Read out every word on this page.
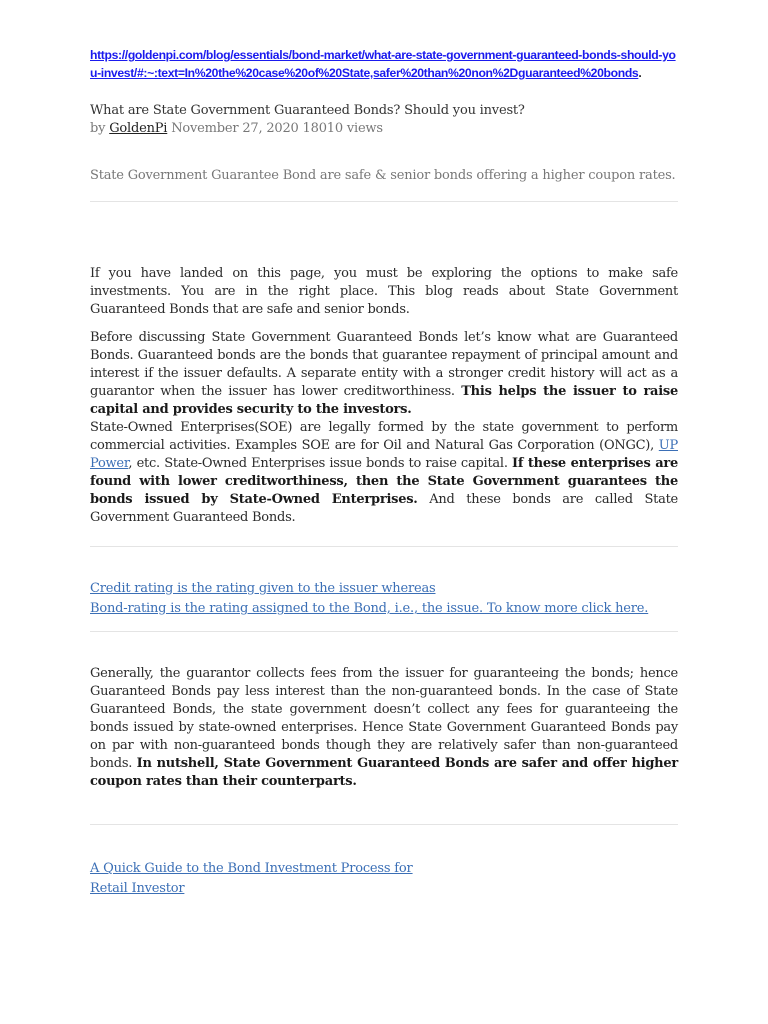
https://goldenpi.com/blog/essentials/bond-market/what-are-state-government-guaranteed-bonds-should-you-invest/#:~:text=In%20the%20case%20of%20State,safer%20than%20non%2Dguaranteed%20bonds.
What are State Government Guaranteed Bonds? Should you invest?
by GoldenPi November 27, 2020 18010 views
State Government Guarantee Bond are safe & senior bonds offering a higher coupon rates.

If you have landed on this page, you must be exploring the options to make safe investments. You are in the right place. This blog reads about State Government Guaranteed Bonds that are safe and senior bonds.

Before discussing State Government Guaranteed Bonds let’s know what are Guaranteed Bonds. Guaranteed bonds are the bonds that guarantee repayment of principal amount and interest if the issuer defaults. A separate entity with a stronger credit history will act as a guarantor when the issuer has lower creditworthiness. This helps the issuer to raise capital and provides security to the investors.

State-Owned Enterprises(SOE) are legally formed by the state government to perform commercial activities. Examples SOE are for Oil and Natural Gas Corporation (ONGC), UP Power, etc. State-Owned Enterprises issue bonds to raise capital. If these enterprises are found with lower creditworthiness, then the State Government guarantees the bonds issued by State-Owned Enterprises. And these bonds are called State Government Guaranteed Bonds.

Credit rating is the rating given to the issuer whereas
Bond-rating is the rating assigned to the Bond, i.e., the issue. To know more click here.

Generally, the guarantor collects fees from the issuer for guaranteeing the bonds; hence Guaranteed Bonds pay less interest than the non-guaranteed bonds. In the case of State Guaranteed Bonds, the state government doesn’t collect any fees for guaranteeing the bonds issued by state-owned enterprises. Hence State Government Guaranteed Bonds pay on par with non-guaranteed bonds though they are relatively safer than non-guaranteed bonds. In nutshell, State Government Guaranteed Bonds are safer and offer higher coupon rates than their counterparts.

A Quick Guide to the Bond Investment Process for
Retail Investor
